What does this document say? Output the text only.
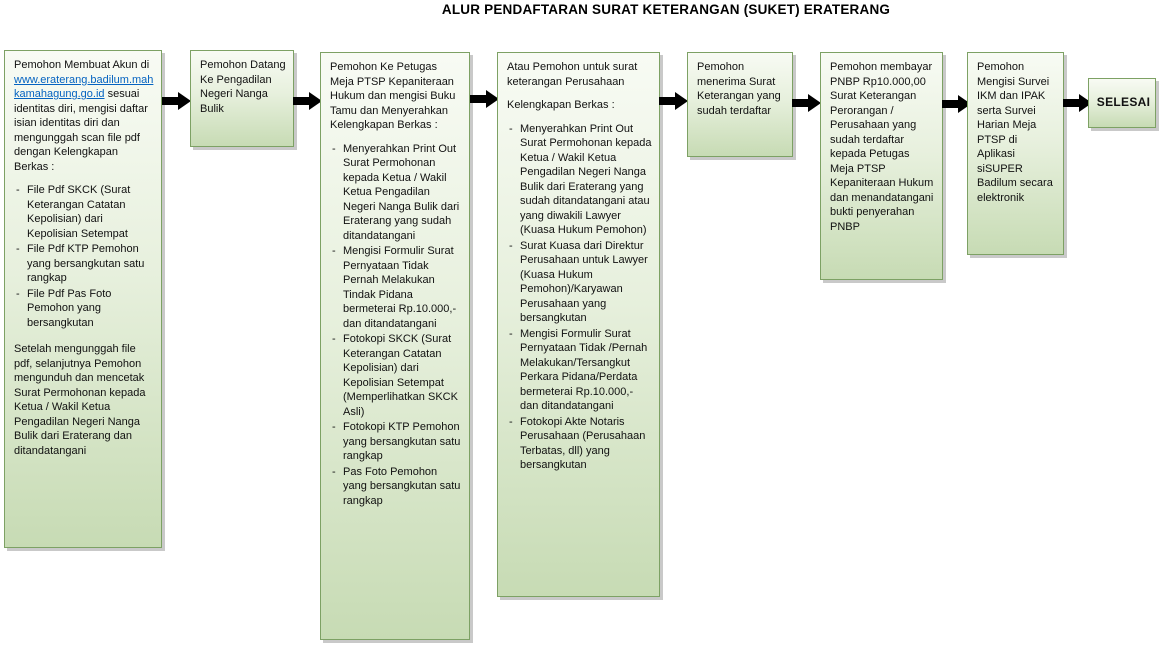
ALUR PENDAFTARAN SURAT KETERANGAN (SUKET) ERATERANG

Pemohon Membuat Akun di www.eraterang.badilum.mahkamahagung.go.id sesuai identitas diri, mengisi daftar isian identitas diri dan mengunggah scan file pdf dengan Kelengkapan Berkas :

- File Pdf SKCK (Surat Keterangan Catatan Kepolisian) dari Kepolisian Setempat
- File Pdf KTP Pemohon yang bersangkutan satu rangkap
- File Pdf Pas Foto Pemohon yang bersangkutan

Setelah mengunggah file pdf, selanjutnya Pemohon mengunduh dan mencetak Surat Permohonan kepada Ketua / Wakil Ketua Pengadilan Negeri Nanga Bulik dari Eraterang dan ditandatangani

Pemohon Datang Ke Pengadilan Negeri Nanga Bulik

Pemohon Ke Petugas Meja PTSP Kepaniteraan Hukum dan mengisi Buku Tamu dan Menyerahkan Kelengkapan Berkas :

- Menyerahkan Print Out Surat Permohonan kepada Ketua / Wakil Ketua Pengadilan Negeri Nanga Bulik dari Eraterang yang sudah ditandatangani
- Mengisi Formulir Surat Pernyataan Tidak Pernah Melakukan Tindak Pidana bermeterai Rp.10.000,- dan ditandatangani
- Fotokopi SKCK (Surat Keterangan Catatan Kepolisian) dari Kepolisian Setempat (Memperlihatkan SKCK Asli)
- Fotokopi KTP Pemohon yang bersangkutan satu rangkap
- Pas Foto Pemohon yang bersangkutan satu rangkap

Atau Pemohon untuk surat keterangan Perusahaan

Kelengkapan Berkas :

- Menyerahkan Print Out Surat Permohonan kepada Ketua / Wakil Ketua Pengadilan Negeri Nanga Bulik dari Eraterang yang sudah ditandatangani atau yang diwakili Lawyer (Kuasa Hukum Pemohon)
- Surat Kuasa dari Direktur Perusahaan untuk Lawyer (Kuasa Hukum Pemohon)/Karyawan Perusahaan yang bersangkutan
- Mengisi Formulir Surat Pernyataan Tidak /Pernah Melakukan/Tersangkut Perkara Pidana/Perdata bermeterai Rp.10.000,- dan ditandatangani
- Fotokopi Akte Notaris Perusahaan (Perusahaan Terbatas, dll) yang bersangkutan

Pemohon menerima Surat Keterangan yang sudah terdaftar

Pemohon membayar PNBP Rp10.000,00 Surat Keterangan Perorangan / Perusahaan yang sudah terdaftar kepada Petugas Meja PTSP Kepaniteraan Hukum dan menandatangani bukti penyerahan PNBP

Pemohon Mengisi Survei IKM dan IPAK serta Survei Harian Meja PTSP di Aplikasi siSUPER Badilum secara elektronik

SELESAI
